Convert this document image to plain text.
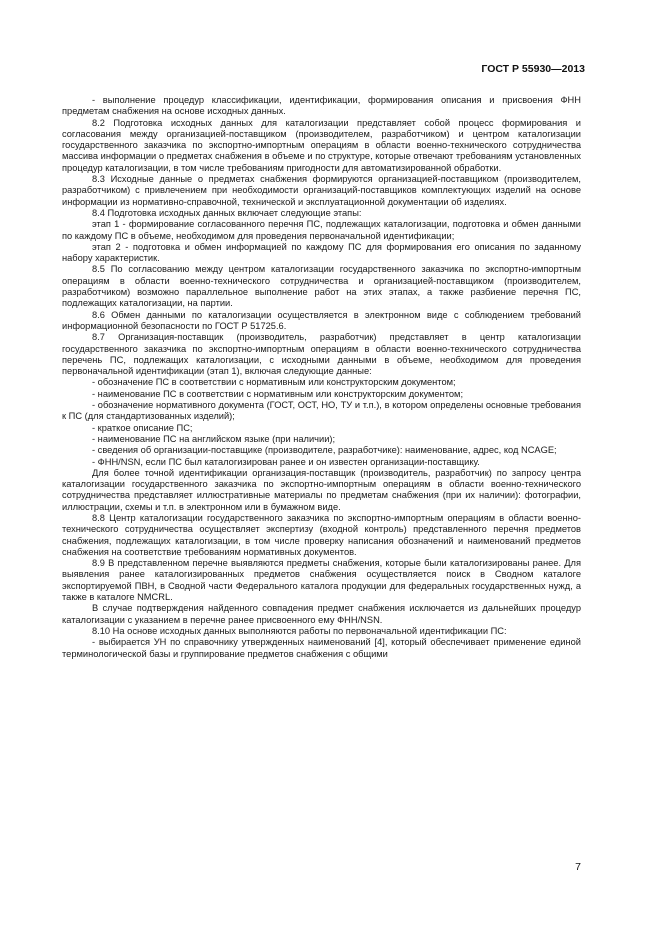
ГОСТ Р 55930—2013

- выполнение процедур классификации, идентификации, формирования описания и присвоения ФНН предметам снабжения на основе исходных данных.

8.2 Подготовка исходных данных для каталогизации представляет собой процесс формирования и согласования между организацией-поставщиком (производителем, разработчиком) и центром каталогизации государственного заказчика по экспортно-импортным операциям в области военно-технического сотрудничества массива информации о предметах снабжения в объеме и по структуре, которые отвечают требованиям установленных процедур каталогизации, в том числе требованиям пригодности для автоматизированной обработки.

8.3 Исходные данные о предметах снабжения формируются организацией-поставщиком (производителем, разработчиком) с привлечением при необходимости организаций-поставщиков комплектующих изделий на основе информации из нормативно-справочной, технической и эксплуатационной документации об изделиях.

8.4 Подготовка исходных данных включает следующие этапы:

этап 1 - формирование согласованного перечня ПС, подлежащих каталогизации, подготовка и обмен данными по каждому ПС в объеме, необходимом для проведения первоначальной идентификации;

этап 2 - подготовка и обмен информацией по каждому ПС для формирования его описания по заданному набору характеристик.

8.5 По согласованию между центром каталогизации государственного заказчика по экспортно-импортным операциям в области военно-технического сотрудничества и организацией-поставщиком (производителем, разработчиком) возможно параллельное выполнение работ на этих этапах, а также разбиение перечня ПС, подлежащих каталогизации, на партии.

8.6 Обмен данными по каталогизации осуществляется в электронном виде с соблюдением требований информационной безопасности по ГОСТ Р 51725.6.

8.7 Организация-поставщик (производитель, разработчик) представляет в центр каталогизации государственного заказчика по экспортно-импортным операциям в области военно-технического сотрудничества перечень ПС, подлежащих каталогизации, с исходными данными в объеме, необходимом для проведения первоначальной идентификации (этап 1), включая следующие данные:

- обозначение ПС в соответствии с нормативным или конструкторским документом;

- наименование ПС в соответствии с нормативным или конструкторским документом;

- обозначение нормативного документа (ГОСТ, ОСТ, НО, ТУ и т.п.), в котором определены основные требования к ПС (для стандартизованных изделий);

- краткое описание ПС;

- наименование ПС на английском языке (при наличии);

- сведения об организации-поставщике (производителе, разработчике): наименование, адрес, код NCAGE;

- ФНН/NSN, если ПС был каталогизирован ранее и он известен организации-поставщику.

Для более точной идентификации организация-поставщик (производитель, разработчик) по запросу центра каталогизации государственного заказчика по экспортно-импортным операциям в области военно-технического сотрудничества представляет иллюстративные материалы по предметам снабжения (при их наличии): фотографии, иллюстрации, схемы и т.п. в электронном или в бумажном виде.

8.8 Центр каталогизации государственного заказчика по экспортно-импортным операциям в области военно-технического сотрудничества осуществляет экспертизу (входной контроль) представленного перечня предметов снабжения, подлежащих каталогизации, в том числе проверку написания обозначений и наименований предметов снабжения на соответствие требованиям нормативных документов.

8.9 В представленном перечне выявляются предметы снабжения, которые были каталогизированы ранее. Для выявления ранее каталогизированных предметов снабжения осуществляется поиск в Сводном каталоге экспортируемой ПВН, в Сводной части Федерального каталога продукции для федеральных государственных нужд, а также в каталоге NMCRL.

В случае подтверждения найденного совпадения предмет снабжения исключается из дальнейших процедур каталогизации с указанием в перечне ранее присвоенного ему ФНН/NSN.

8.10 На основе исходных данных выполняются работы по первоначальной идентификации ПС:

- выбирается УН по справочнику утвержденных наименований [4], который обеспечивает применение единой терминологической базы и группирование предметов снабжения с общими

7
